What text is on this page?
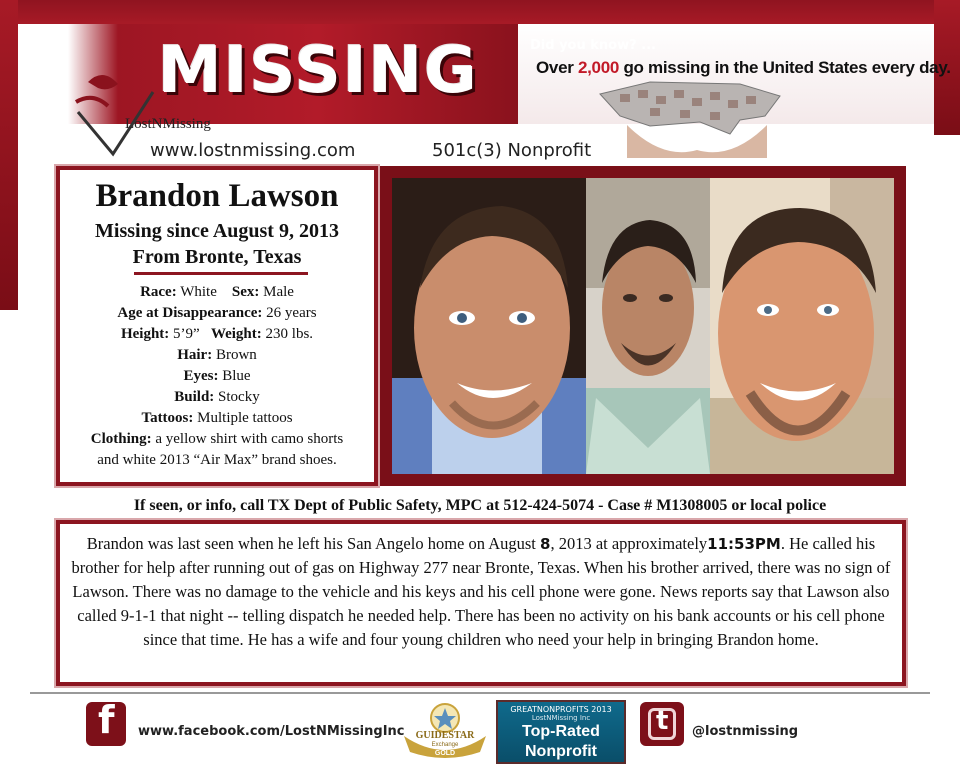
MISSING
LostNMissing
www.lostnmissing.com	501c(3) Nonprofit
Did you know? ...
Over 2,000 go missing in the United States every day.
Brandon Lawson
Missing since August 9, 2013
From Bronte, Texas
Race: White Sex: Male
Age at Disappearance: 26 years
Height: 5’9” Weight: 230 lbs.
Hair: Brown
Eyes: Blue
Build: Stocky
Tattoos: Multiple tattoos
Clothing: a yellow shirt with camo shorts
and white 2013 “Air Max” brand shoes.
If seen, or info, call TX Dept of Public Safety, MPC at 512-424-5074 - Case # M1308005 or local police

Brandon was last seen when he left his San Angelo home on August 8, 2013 at approximately11:53PM. He called his brother for help after running out of gas on Highway 277 near Bronte, Texas. When his brother arrived, there was no sign of Lawson. There was no damage to the vehicle and his keys and his cell phone were gone. News reports say that Lawson also called 9-1-1 that night -- telling dispatch he needed help. There has been no activity on his bank accounts or his cell phone since that time. He has a wife and four young children who need your help in bringing Brandon home.

f www.facebook.com/LostNMissingInc GUIDESTAR
Exchange
GOLD
GREATNONPROFITS 2013
LostNMissing Inc
Top-Rated
Nonprofit
t @lostnmissing
